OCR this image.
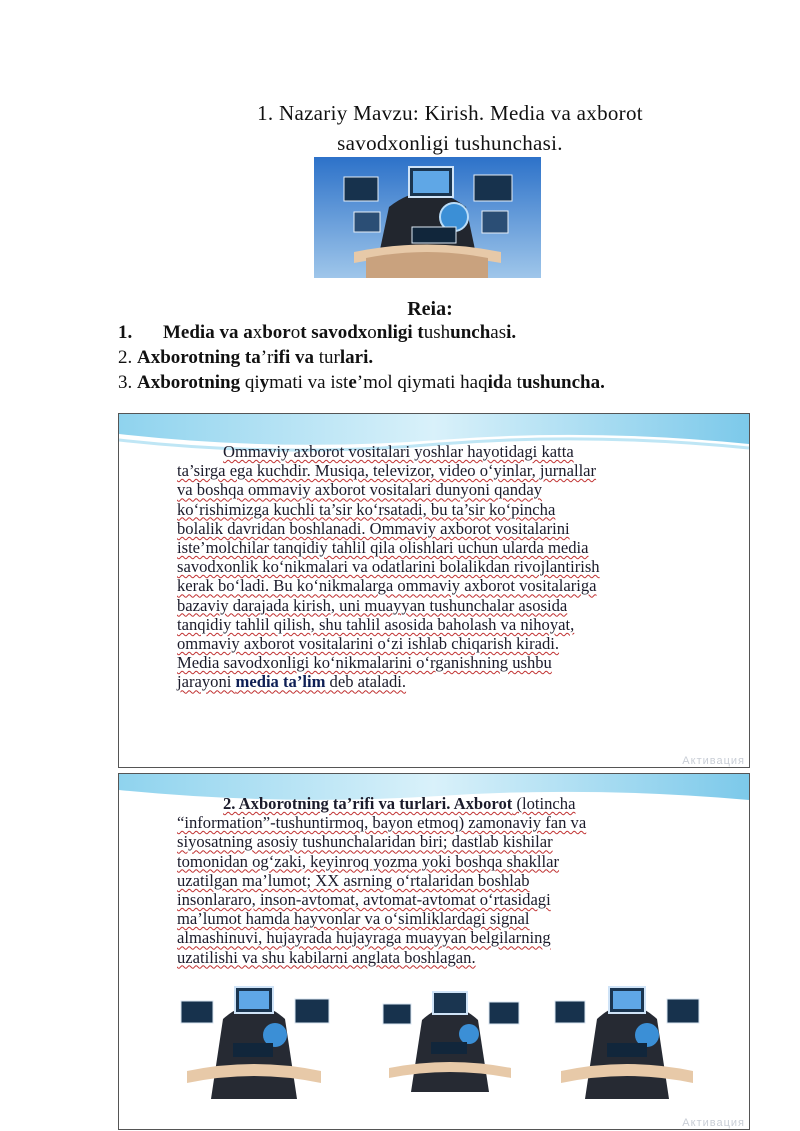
1. Nazariy Mavzu: Kirish. Media va axborot
savodxonligi tushunchasi.
Reia:
1. Media va axborot savodxonligi tushunchasi.
2. Axborotning ta’rifi va turlari.
3. Axborotning qiymati va iste’mol qiymati haqida tushuncha.
Ommaviy axborot vositalari yoshlar hayotidagi katta
ta’sirga ega kuchdir. Musiqa, televizor, video o‘yinlar, jurnallar
va boshqa ommaviy axborot vositalari dunyoni qanday
ko‘rishimizga kuchli ta’sir ko‘rsatadi, bu ta’sir ko‘pincha
bolalik davridan boshlanadi. Ommaviy axborot vositalarini
iste’molchilar tanqidiy tahlil qila olishlari uchun ularda media
savodxonlik ko‘nikmalari va odatlarini bolalikdan rivojlantirish
kerak bo‘ladi. Bu ko‘nikmalarga ommaviy axborot vositalariga
bazaviy darajada kirish, uni muayyan tushunchalar asosida
tanqidiy tahlil qilish, shu tahlil asosida baholash va nihoyat,
ommaviy axborot vositalarini o‘zi ishlab chiqarish kiradi.
Media savodxonligi ko‘nikmalarini o‘rganishning ushbu
jarayoni media ta’lim deb ataladi.
Активация
2. Axborotning ta’rifi va turlari. Axborot (lotincha
“information”-tushuntirmoq, bayon etmoq) zamonaviy fan va
siyosatning asosiy tushunchalaridan biri; dastlab kishilar
tomonidan og‘zaki, keyinroq yozma yoki boshqa shakllar
uzatilgan ma’lumot; XX asrning o‘rtalaridan boshlab
insonlararo, inson-avtomat, avtomat-avtomat o‘rtasidagi
ma’lumot hamda hayvonlar va o‘simliklardagi signal
almashinuvi, hujayrada hujayraga muayyan belgilarning
uzatilishi va shu kabilarni anglata boshlagan.
Активация
